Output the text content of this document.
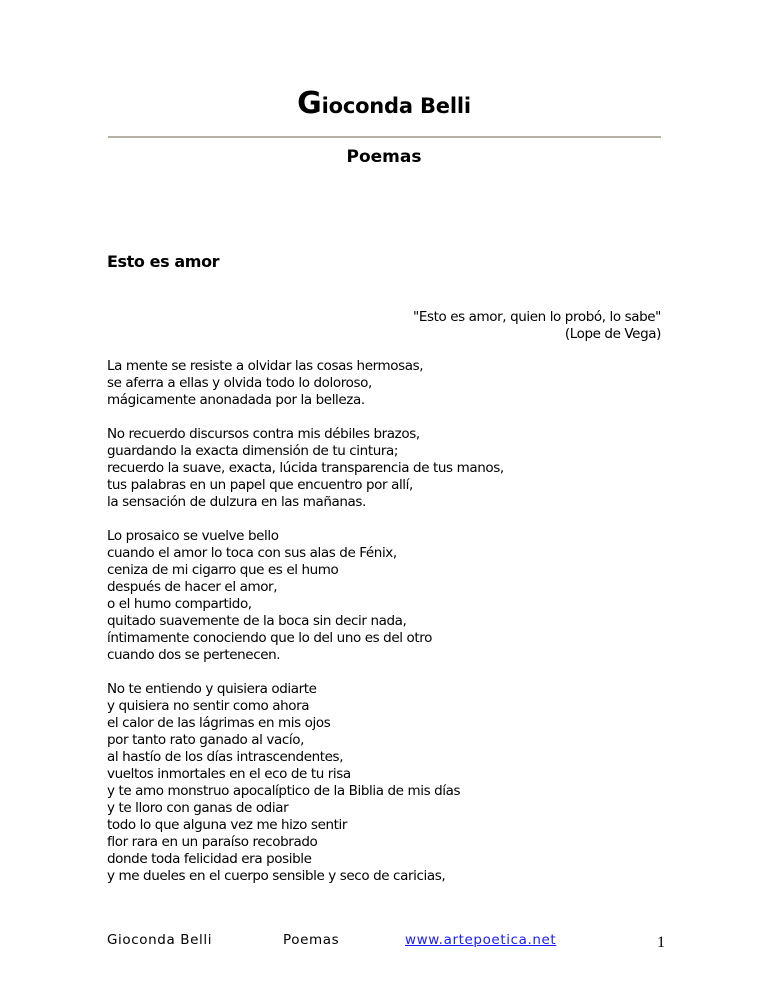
Gioconda Belli
Poemas
Esto es amor
"Esto es amor, quien lo probó, lo sabe"
(Lope de Vega)
La mente se resiste a olvidar las cosas hermosas,
se aferra a ellas y olvida todo lo doloroso,
mágicamente anonadada por la belleza.
No recuerdo discursos contra mis débiles brazos,
guardando la exacta dimensión de tu cintura;
recuerdo la suave, exacta, lúcida transparencia de tus manos,
tus palabras en un papel que encuentro por allí,
la sensación de dulzura en las mañanas.
Lo prosaico se vuelve bello
cuando el amor lo toca con sus alas de Fénix,
ceniza de mi cigarro que es el humo
después de hacer el amor,
o el humo compartido,
quitado suavemente de la boca sin decir nada,
íntimamente conociendo que lo del uno es del otro
cuando dos se pertenecen.
No te entiendo y quisiera odiarte
y quisiera no sentir como ahora
el calor de las lágrimas en mis ojos
por tanto rato ganado al vacío,
al hastío de los días intrascendentes,
vueltos inmortales en el eco de tu risa
y te amo monstruo apocalíptico de la Biblia de mis días
y te lloro con ganas de odiar
todo lo que alguna vez me hizo sentir
flor rara en un paraíso recobrado
donde toda felicidad era posible
y me dueles en el cuerpo sensible y seco de caricias,
Gioconda Belli	Poemas	www.artepoetica.net	1
